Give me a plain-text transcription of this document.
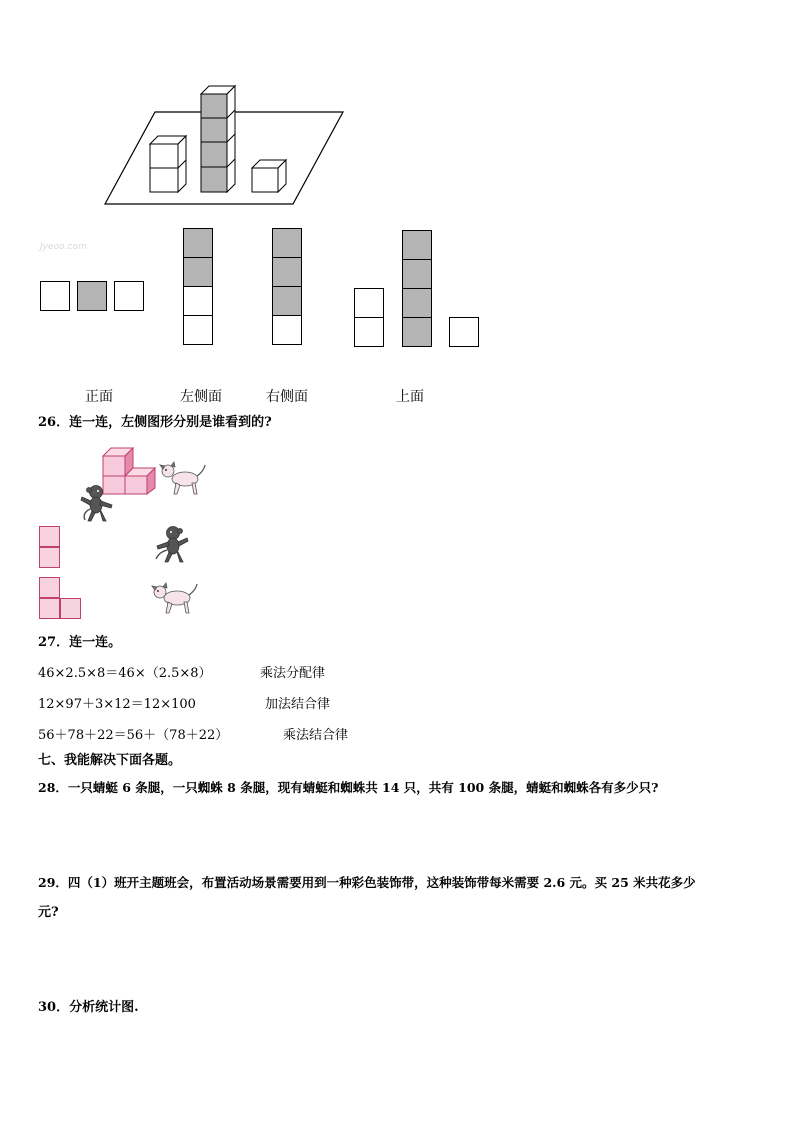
Jyeoo.com
正面	左侧面	右侧面	上面
26．连一连，左侧图形分别是谁看到的?
27．连一连。
46×2.5×8＝46×（2.5×8）	乘法分配律
12×97＋3×12＝12×100	加法结合律
56＋78＋22＝56＋（78＋22）	乘法结合律
七、我能解决下面各题。
28．一只蜻蜓 6 条腿，一只蜘蛛 8 条腿，现有蜻蜓和蜘蛛共 14 只，共有 100 条腿，蜻蜓和蜘蛛各有多少只?
29．四（1）班开主题班会，布置活动场景需要用到一种彩色装饰带，这种装饰带每米需要 2.6 元。买 25 米共花多少
元?
30．分析统计图.
